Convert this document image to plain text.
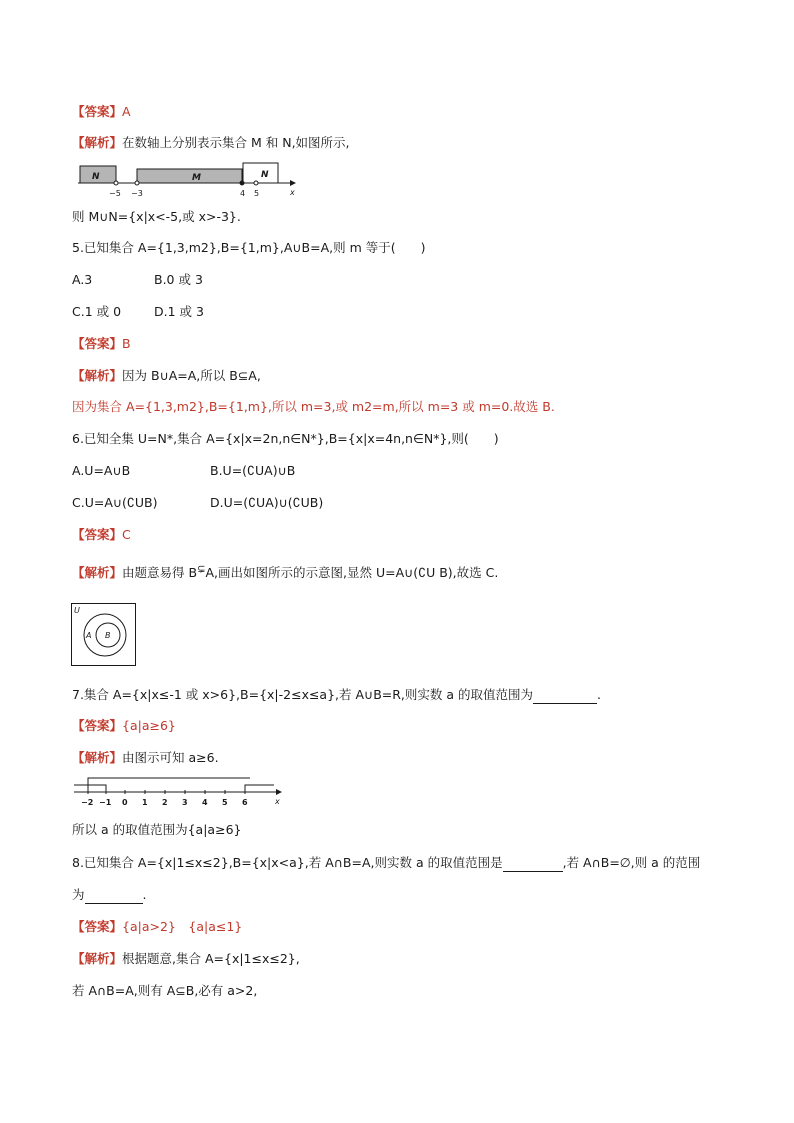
【答案】A
【解析】在数轴上分别表示集合 M 和 N,如图所示,
N	M	N
−5 −3	4 5	x
则 M∪N={x|x<-5,或 x>-3}.
5.已知集合 A={1,3,m2},B={1,m},A∪B=A,则 m 等于(　　)
A.3	B.0 或 3
C.1 或 0	D.1 或 3
【答案】B
【解析】因为 B∪A=A,所以 B⊆A,
因为集合 A={1,3,m2},B={1,m},所以 m=3,或 m2=m,所以 m=3 或 m=0.故选 B.
6.已知全集 U=N*,集合 A={x|x=2n,n∈N*},B={x|x=4n,n∈N*},则(　　)
A.U=A∪B	B.U=(∁UA)∪B
C.U=A∪(∁UB)	D.U=(∁UA)∪(∁UB)
【答案】C
【解析】由题意易得 B⊊A,画出如图所示的示意图,显然 U=A∪(∁U B),故选 C.
U
A B
7.集合 A={x|x≤-1 或 x>6},B={x|-2≤x≤a},若 A∪B=R,则实数 a 的取值范围为	.
【答案】{a|a≥6}
【解析】由图示可知 a≥6.
−2 −1 0 1 2 3 4 5 6	x
所以 a 的取值范围为{a|a≥6}
8.已知集合 A={x|1≤x≤2},B={x|x<a},若 A∩B=A,则实数 a 的取值范围是	,若 A∩B=∅,则 a 的范围
为	.
【答案】{a|a>2}　{a|a≤1}
【解析】根据题意,集合 A={x|1≤x≤2},
若 A∩B=A,则有 A⊆B,必有 a>2,
